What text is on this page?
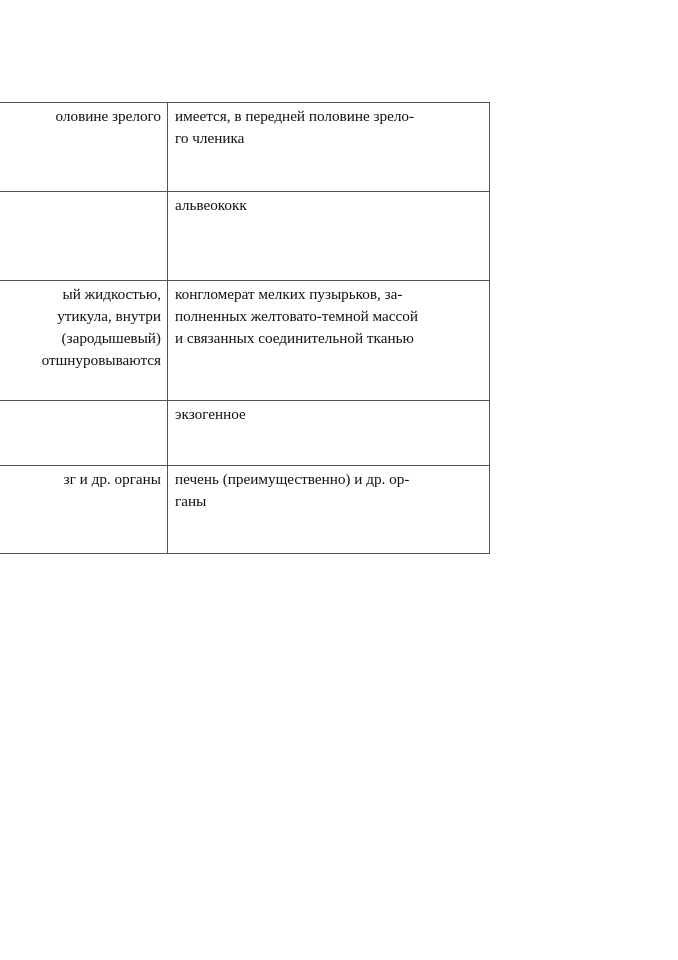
оловине зрелого	имеется, в передней половине зрело-
го членика

	альвеококк

ый жидкостью,
утикула, внутри
(зародышевый)
отшнуровываются	конгломерат мелких пузырьков, за-
полненных желтовато-темной массой
и связанных соединительной тканью

	экзогенное

зг и др. органы	печень (преимущественно) и др. ор-
ганы
